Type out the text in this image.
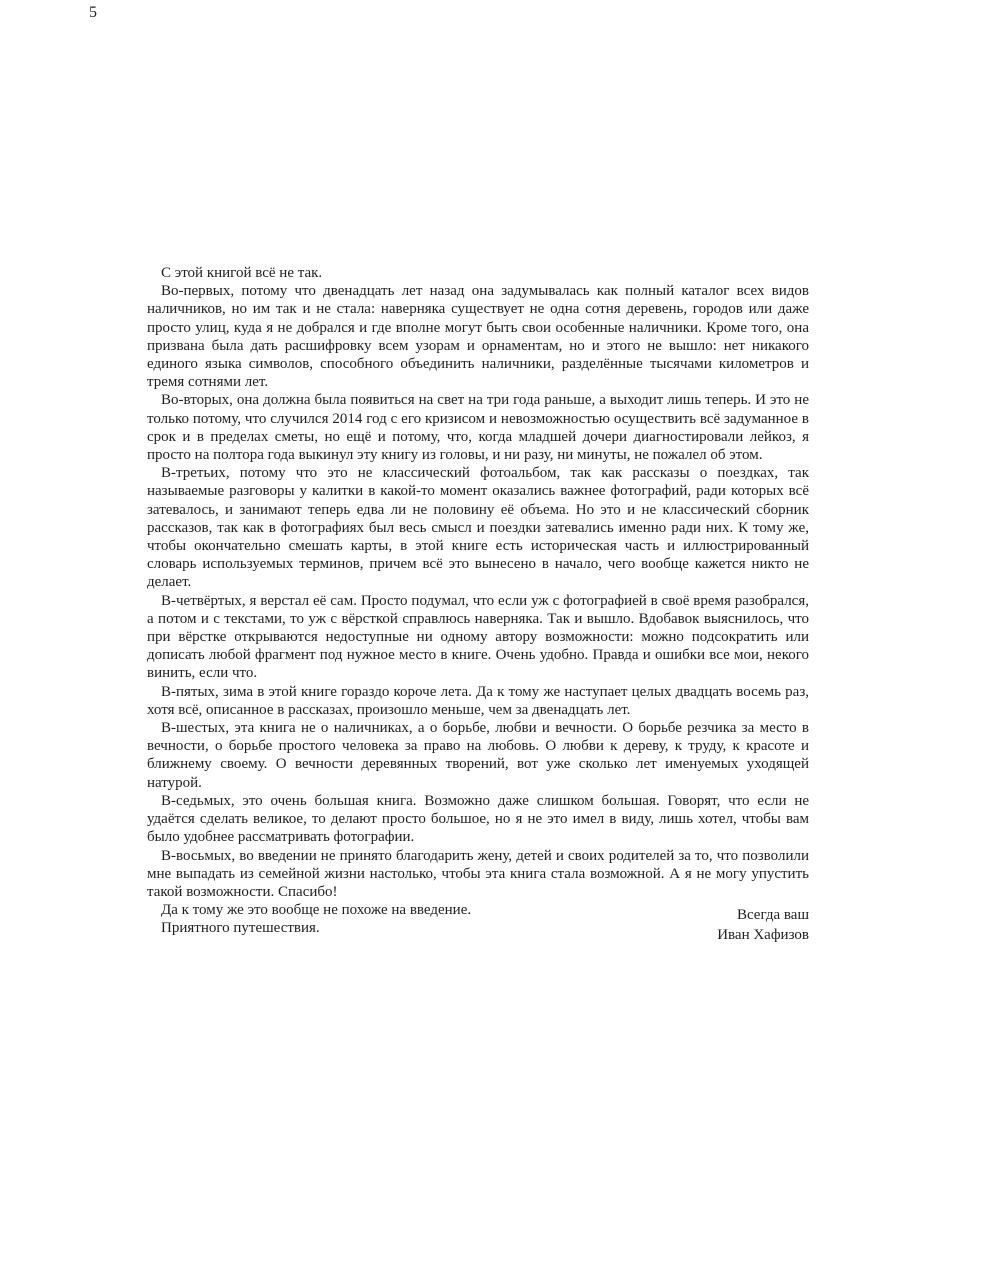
5

С этой книгой всё не так.

Во-первых, потому что двенадцать лет назад она задумывалась как полный каталог всех видов наличников, но им так и не стала: наверняка существует не одна сотня деревень, городов или даже просто улиц, куда я не добрался и где вполне могут быть свои особенные наличники. Кроме того, она призвана была дать расшифровку всем узорам и орнаментам, но и этого не вышло: нет никакого единого языка символов, способного объединить наличники, разделённые тысячами километров и тремя сотнями лет.

Во-вторых, она должна была появиться на свет на три года раньше, а выходит лишь теперь. И это не только потому, что случился 2014 год с его кризисом и невозможностью осуществить всё задуманное в срок и в пределах сметы, но ещё и потому, что, когда младшей дочери диагностировали лейкоз, я просто на полтора года выкинул эту книгу из головы, и ни разу, ни минуты, не пожалел об этом.

В-третьих, потому что это не классический фотоальбом, так как рассказы о поездках, так называемые разговоры у калитки в какой-то момент оказались важнее фотографий, ради которых всё затевалось, и занимают теперь едва ли не половину её объема. Но это и не классический сборник рассказов, так как в фотографиях был весь смысл и поездки затевались именно ради них. К тому же, чтобы окончательно смешать карты, в этой книге есть историческая часть и иллюстрированный словарь используемых терминов, причем всё это вынесено в начало, чего вообще кажется никто не делает.

В-четвёртых, я верстал её сам. Просто подумал, что если уж с фотографией в своё время разобрался, а потом и с текстами, то уж с вёрсткой справлюсь наверняка. Так и вышло. Вдобавок выяснилось, что при вёрстке открываются недоступные ни одному автору возможности: можно подсократить или дописать любой фрагмент под нужное место в книге. Очень удобно. Правда и ошибки все мои, некого винить, если что.

В-пятых, зима в этой книге гораздо короче лета. Да к тому же наступает целых двадцать восемь раз, хотя всё, описанное в рассказах, произошло меньше, чем за двенадцать лет.

В-шестых, эта книга не о наличниках, а о борьбе, любви и вечности. О борьбе резчика за место в вечности, о борьбе простого человека за право на любовь. О любви к дереву, к труду, к красоте и ближнему своему. О вечности деревянных творений, вот уже сколько лет именуемых уходящей натурой.

В-седьмых, это очень большая книга. Возможно даже слишком большая. Говорят, что если не удаётся сделать великое, то делают просто большое, но я не это имел в виду, лишь хотел, чтобы вам было удобнее рассматривать фотографии.

В-восьмых, во введении не принято благодарить жену, детей и своих родителей за то, что позволили мне выпадать из семейной жизни настолько, чтобы эта книга стала возможной. А я не могу упустить такой возможности. Спасибо!

Да к тому же это вообще не похоже на введение.

Приятного путешествия.

Всегда ваш
Иван Хафизов
